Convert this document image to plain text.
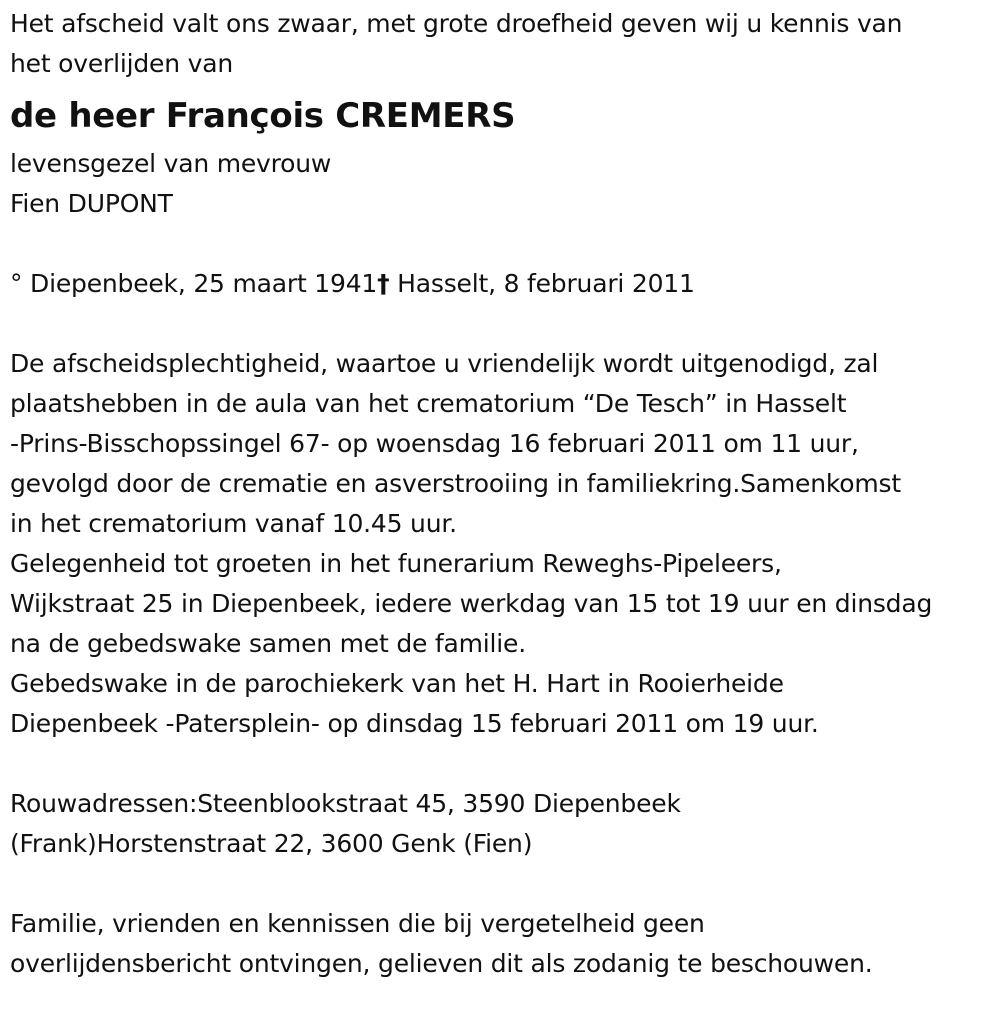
Het afscheid valt ons zwaar, met grote droefheid geven wij u kennis van
het overlijden van
de heer François CREMERS
levensgezel van mevrouw
Fien DUPONT
° Diepenbeek, 25 maart 1941† Hasselt, 8 februari 2011
De afscheidsplechtigheid, waartoe u vriendelijk wordt uitgenodigd, zal
plaatshebben in de aula van het crematorium “De Tesch” in Hasselt
-Prins-Bisschopssingel 67- op woensdag 16 februari 2011 om 11 uur,
gevolgd door de crematie en asverstrooiing in familiekring.Samenkomst
in het crematorium vanaf 10.45 uur.
Gelegenheid tot groeten in het funerarium Reweghs-Pipeleers,
Wijkstraat 25 in Diepenbeek, iedere werkdag van 15 tot 19 uur en dinsdag
na de gebedswake samen met de familie.
Gebedswake in de parochiekerk van het H. Hart in Rooierheide
Diepenbeek -Patersplein- op dinsdag 15 februari 2011 om 19 uur.
Rouwadressen:Steenblookstraat 45, 3590 Diepenbeek
(Frank)Horstenstraat 22, 3600 Genk (Fien)
Familie, vrienden en kennissen die bij vergetelheid geen
overlijdensbericht ontvingen, gelieven dit als zodanig te beschouwen.
